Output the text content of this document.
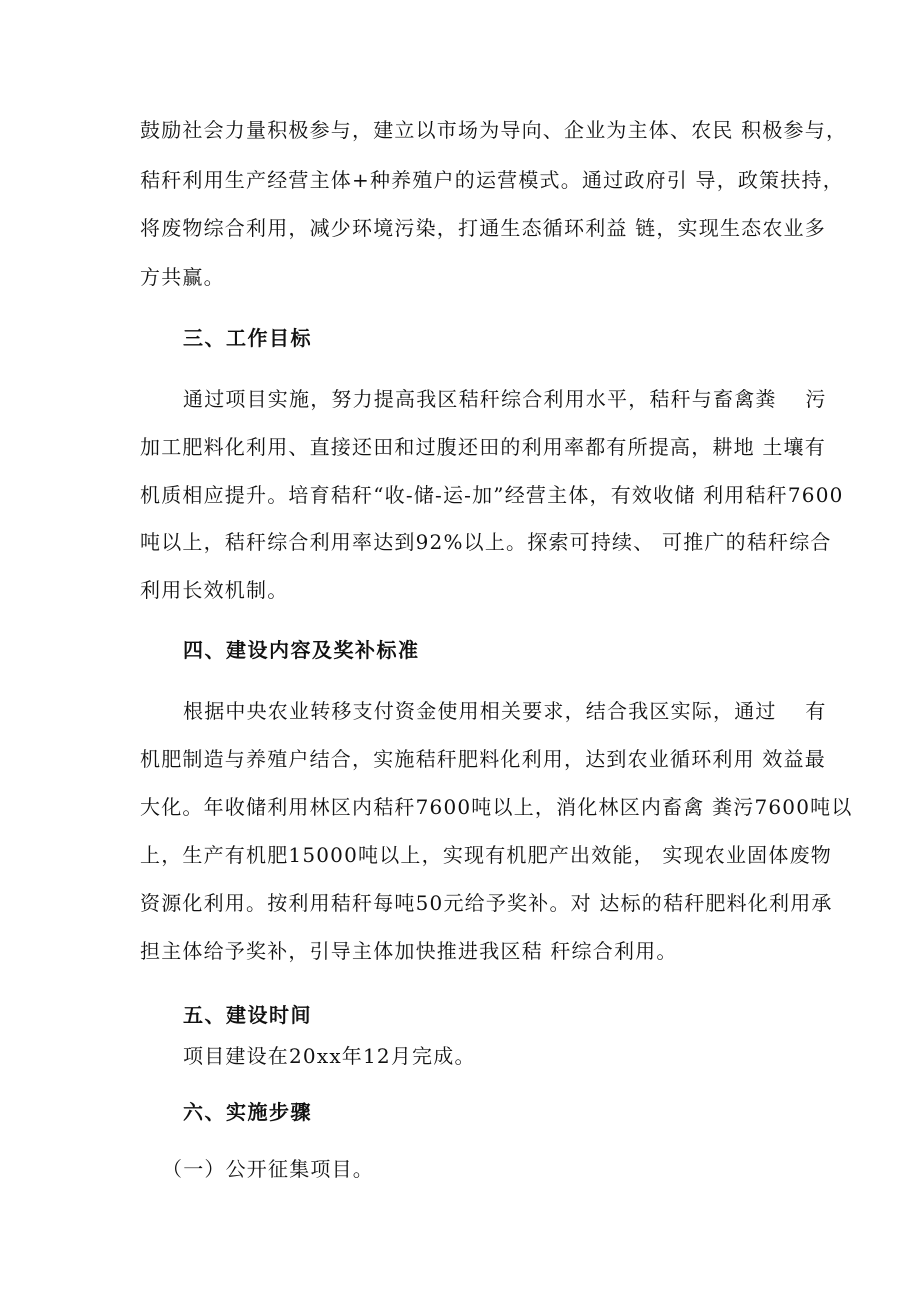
鼓励社会力量积极参与，建立以市场为导向、企业为主体、农民 积极参与，
秸秆利用生产经营主体+种养殖户的运营模式。通过政府引 导，政策扶持，
将废物综合利用，减少环境污染，打通生态循环利益 链，实现生态农业多
方共赢。
三、工作目标
通过项目实施，努力提高我区秸秆综合利用水平，秸秆与畜禽粪　 污
加工肥料化利用、直接还田和过腹还田的利用率都有所提高，耕地 土壤有
机质相应提升。培育秸秆“收-储-运-加”经营主体，有效收储 利用秸秆7600
吨以上，秸秆综合利用率达到92%以上。探索可持续、 可推广的秸秆综合
利用长效机制。
四、建设内容及奖补标准
根据中央农业转移支付资金使用相关要求，结合我区实际，通过　 有
机肥制造与养殖户结合，实施秸秆肥料化利用，达到农业循环利用 效益最
大化。年收储利用林区内秸秆7600吨以上，消化林区内畜禽 粪污7600吨以
上，生产有机肥15000吨以上，实现有机肥产出效能， 实现农业固体废物
资源化利用。按利用秸秆每吨50元给予奖补。对 达标的秸秆肥料化利用承
担主体给予奖补，引导主体加快推进我区秸 秆综合利用。
五、建设时间
项目建设在20xx年12月完成。
六、实施步骤
（一）公开征集项目。
